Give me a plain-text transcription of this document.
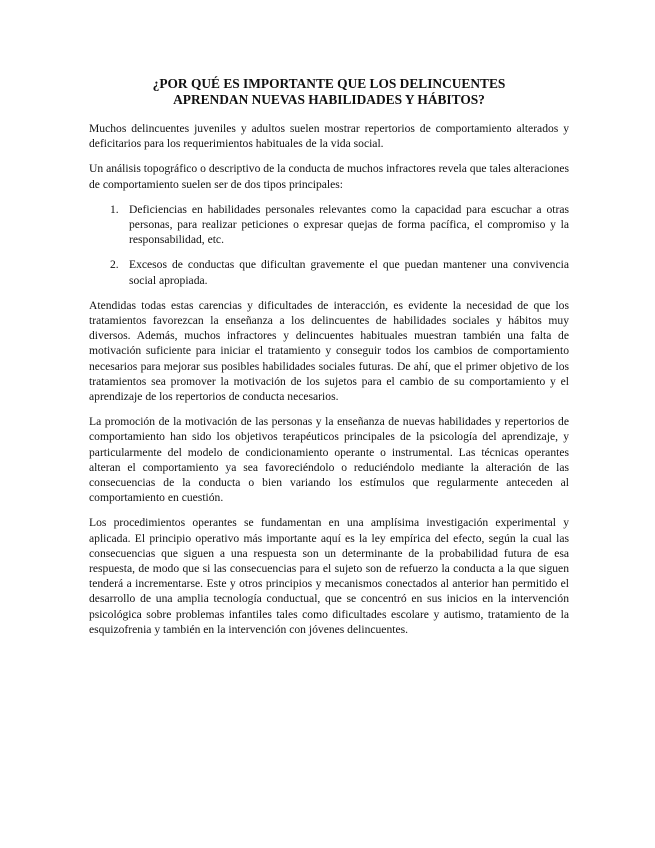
¿POR QUÉ ES IMPORTANTE QUE LOS DELINCUENTES
APRENDAN NUEVAS HABILIDADES Y HÁBITOS?

Muchos delincuentes juveniles y adultos suelen mostrar repertorios de comportamiento alterados y deficitarios para los requerimientos habituales de la vida social.

Un análisis topográfico o descriptivo de la conducta de muchos infractores revela que tales alteraciones de comportamiento suelen ser de dos tipos principales:

1. Deficiencias en habilidades personales relevantes como la capacidad para escuchar a otras personas, para realizar peticiones o expresar quejas de forma pacífica, el compromiso y la responsabilidad, etc.
2. Excesos de conductas que dificultan gravemente el que puedan mantener una convivencia social apropiada.

Atendidas todas estas carencias y dificultades de interacción, es evidente la necesidad de que los tratamientos favorezcan la enseñanza a los delincuentes de habilidades sociales y hábitos muy diversos. Además, muchos infractores y delincuentes habituales muestran también una falta de motivación suficiente para iniciar el tratamiento y conseguir todos los cambios de comportamiento necesarios para mejorar sus posibles habilidades sociales futuras. De ahí, que el primer objetivo de los tratamientos sea promover la motivación de los sujetos para el cambio de su comportamiento y el aprendizaje de los repertorios de conducta necesarios.

La promoción de la motivación de las personas y la enseñanza de nuevas habilidades y repertorios de comportamiento han sido los objetivos terapéuticos principales de la psicología del aprendizaje, y particularmente del modelo de condicionamiento operante o instrumental. Las técnicas operantes alteran el comportamiento ya sea favoreciéndolo o reduciéndolo mediante la alteración de las consecuencias de la conducta o bien variando los estímulos que regularmente anteceden al comportamiento en cuestión.

Los procedimientos operantes se fundamentan en una amplísima investigación experimental y aplicada. El principio operativo más importante aquí es la ley empírica del efecto, según la cual las consecuencias que siguen a una respuesta son un determinante de la probabilidad futura de esa respuesta, de modo que si las consecuencias para el sujeto son de refuerzo la conducta a la que siguen tenderá a incrementarse. Este y otros principios y mecanismos conectados al anterior han permitido el desarrollo de una amplia tecnología conductual, que se concentró en sus inicios en la intervención psicológica sobre problemas infantiles tales como dificultades escolare y autismo, tratamiento de la esquizofrenia y también en la intervención con jóvenes delincuentes.
